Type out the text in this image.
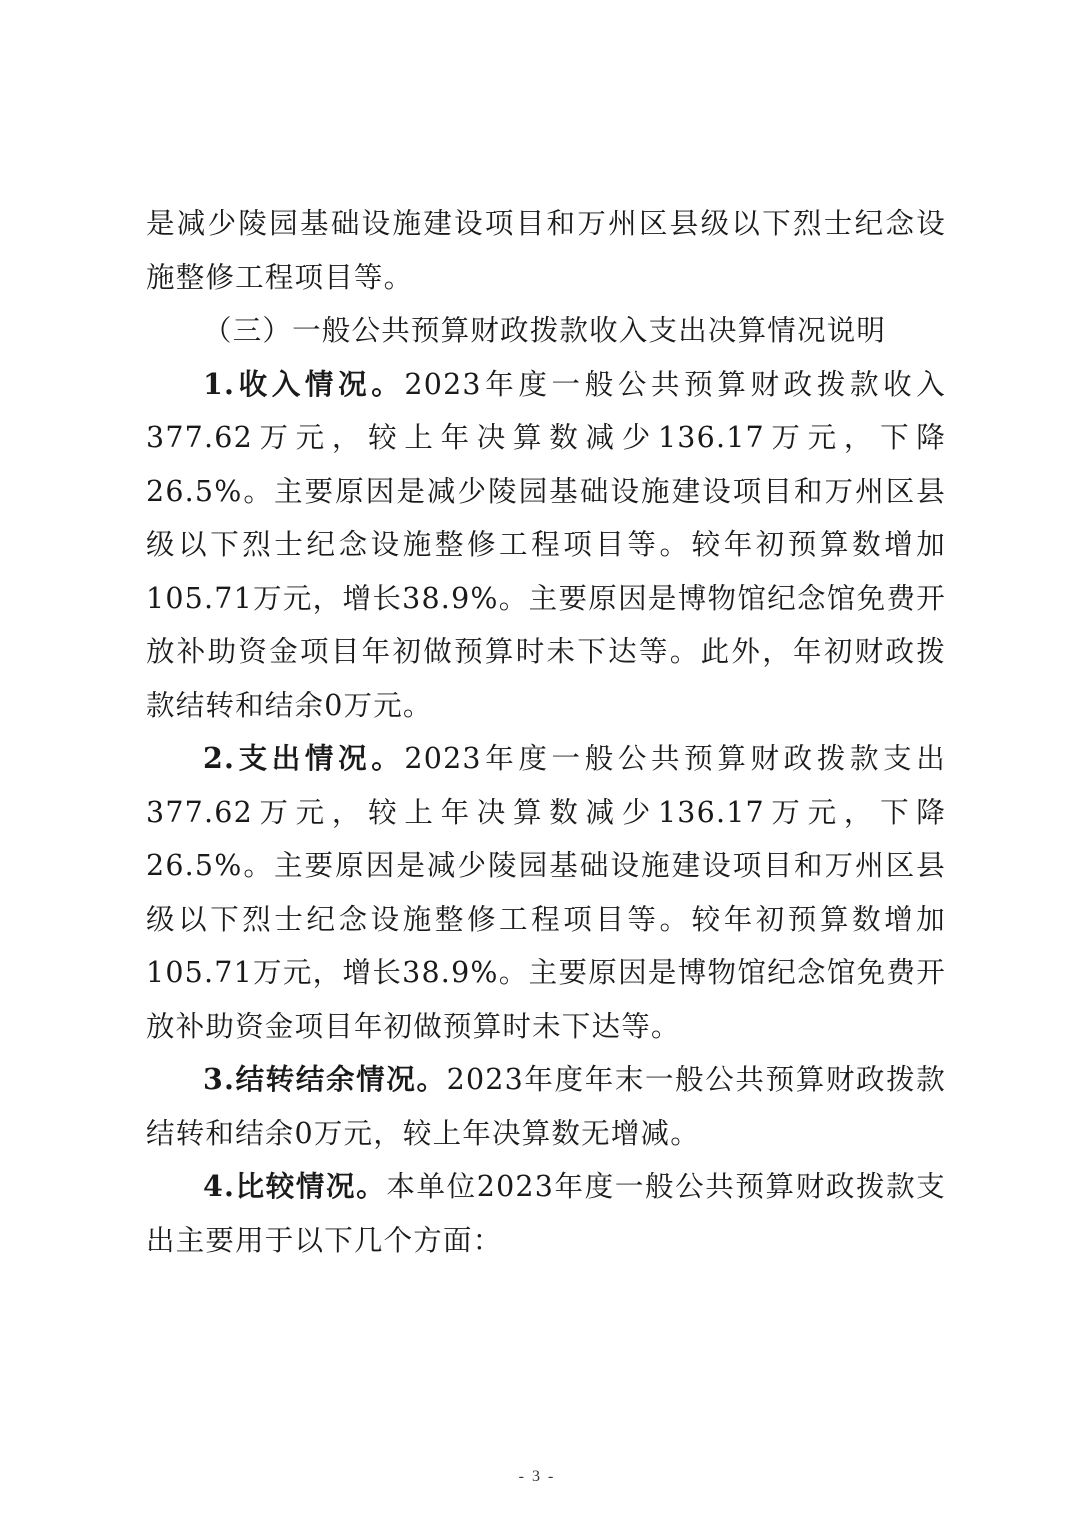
是减少陵园基础设施建设项目和万州区县级以下烈士纪念设施整修工程项目等。

（三）一般公共预算财政拨款收入支出决算情况说明

1.收入情况。2023年度一般公共预算财政拨款收入377.62万元，较上年决算数减少136.17万元，下降26.5%。主要原因是减少陵园基础设施建设项目和万州区县级以下烈士纪念设施整修工程项目等。较年初预算数增加105.71万元，增长38.9%。主要原因是博物馆纪念馆免费开放补助资金项目年初做预算时未下达等。此外，年初财政拨款结转和结余0万元。

2.支出情况。2023年度一般公共预算财政拨款支出377.62万元，较上年决算数减少136.17万元，下降26.5%。主要原因是减少陵园基础设施建设项目和万州区县级以下烈士纪念设施整修工程项目等。较年初预算数增加105.71万元，增长38.9%。主要原因是博物馆纪念馆免费开放补助资金项目年初做预算时未下达等。

3.结转结余情况。2023年度年末一般公共预算财政拨款结转和结余0万元，较上年决算数无增减。

4.比较情况。本单位2023年度一般公共预算财政拨款支出主要用于以下几个方面：

- 3 -
